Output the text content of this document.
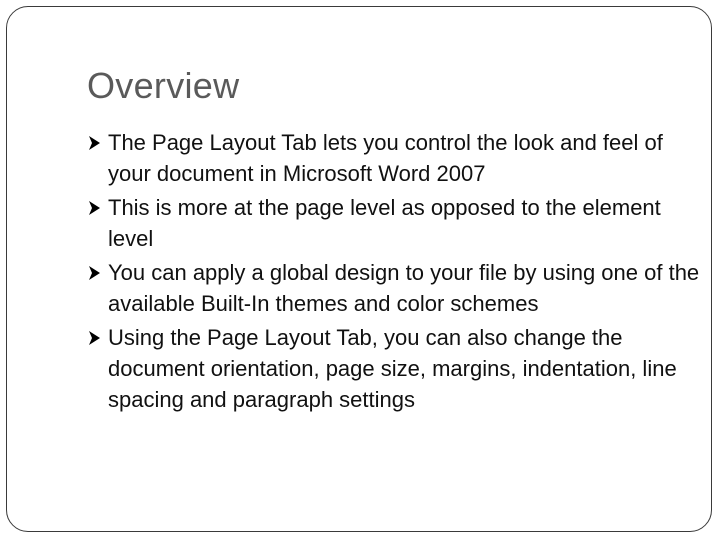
Overview
The Page Layout Tab lets you control the look and feel of your document in Microsoft Word 2007
This is more at the page level as opposed to the element level
You can apply a global design to your file by using one of the available Built-In themes and color schemes
Using the Page Layout Tab, you can also change the document orientation, page size, margins, indentation, line spacing and paragraph settings
